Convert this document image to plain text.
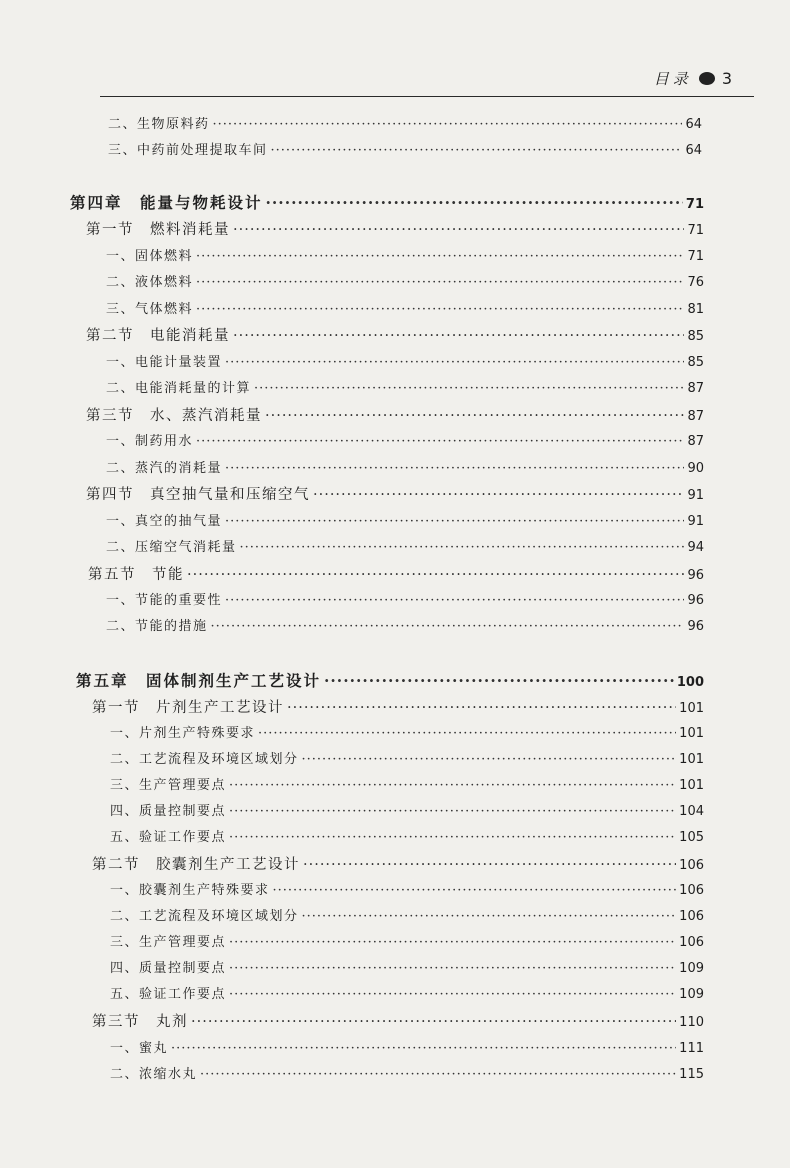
目录 3
二、生物原料药 ·····	64
三、中药前处理提取车间 ·····	64
第四章　能量与物耗设计 ·····	71
第一节　燃料消耗量 ·····	71
一、固体燃料 ·····	71
二、液体燃料 ·····	76
三、气体燃料 ·····	81
第二节　电能消耗量 ·····	85
一、电能计量装置 ·····	85
二、电能消耗量的计算 ·····	87
第三节　水、蒸汽消耗量 ·····	87
一、制药用水 ·····	87
二、蒸汽的消耗量 ·····	90
第四节　真空抽气量和压缩空气 ·····	91
一、真空的抽气量 ·····	91
二、压缩空气消耗量 ·····	94
第五节　节能 ·····	96
一、节能的重要性 ·····	96
二、节能的措施 ·····	96
第五章　固体制剂生产工艺设计 ·····	100
第一节　片剂生产工艺设计 ·····	101
一、片剂生产特殊要求 ·····	101
二、工艺流程及环境区域划分 ·····	101
三、生产管理要点 ·····	101
四、质量控制要点 ·····	104
五、验证工作要点 ·····	105
第二节　胶囊剂生产工艺设计 ·····	106
一、胶囊剂生产特殊要求 ·····	106
二、工艺流程及环境区域划分 ·····	106
三、生产管理要点 ·····	106
四、质量控制要点 ·····	109
五、验证工作要点 ·····	109
第三节　丸剂 ·····	110
一、蜜丸 ·····	111
二、浓缩水丸 ·····	115
